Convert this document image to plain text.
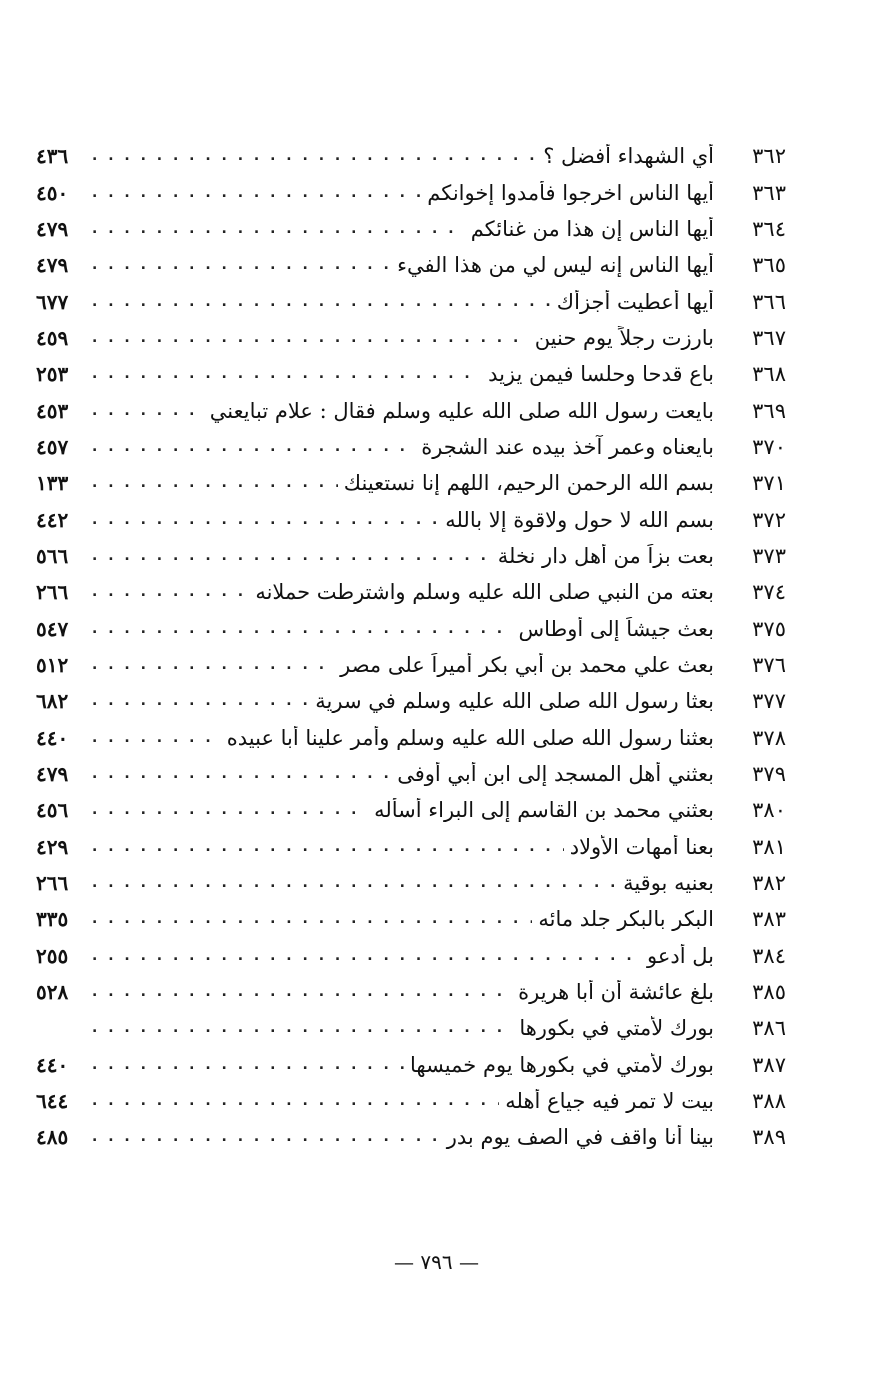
٣٦٢
أي الشهداء أفضل ؟
. . .
٤٣٦
٣٦٣
أيها الناس اخرجوا فأمدوا إخوانكم
. . .
٤٥٠
٣٦٤
أيها الناس إن هذا من غنائكم
. . .
٤٧٩
٣٦٥
أيها الناس إنه ليس لي من هذا الفيء
. . .
٤٧٩
٣٦٦
أيها أعطيت أجزأك
. . .
٦٧٧
٣٦٧
بارزت رجلاً يوم حنين
. . .
٤٥٩
٣٦٨
باع قدحا وحلسا فيمن يزيد
. . .
٢٥٣
٣٦٩
بايعت رسول الله صلى الله عليه وسلم فقال : علام تبايعني
. . .
٤٥٣
٣٧٠
بايعناه وعمر آخذ بيده عند الشجرة
. . .
٤٥٧
٣٧١
بسم الله الرحمن الرحيم، اللهم إنا نستعينك
. . .
١٣٣
٣٧٢
بسم الله لا حول ولاقوة إلا بالله
. . .
٤٤٢
٣٧٣
بعت بزاً من أهل دار نخلة
. . .
٥٦٦
٣٧٤
بعته من النبي صلى الله عليه وسلم واشترطت حملانه
. . .
٢٦٦
٣٧٥
بعث جيشاً إلى أوطاس
. . .
٥٤٧
٣٧٦
بعث علي محمد بن أبي بكر أميراً على مصر
. . .
٥١٢
٣٧٧
بعثا رسول الله صلى الله عليه وسلم في سرية
. . .
٦٨٢
٣٧٨
بعثنا رسول الله صلى الله عليه وسلم وأمر علينا أبا عبيده
. . .
٤٤٠
٣٧٩
بعثني أهل المسجد إلى ابن أبي أوفى
. . .
٤٧٩
٣٨٠
بعثني محمد بن القاسم إلى البراء أسأله
. . .
٤٥٦
٣٨١
بعنا أمهات الأولاد
. . .
٤٢٩
٣٨٢
بعنيه بوقية
. . .
٢٦٦
٣٨٣
البكر بالبكر جلد مائه
. . .
٣٣٥
٣٨٤
بل أدعو
. . .
٢٥٥
٣٨٥
بلغ عائشة أن أبا هريرة
. . .
٥٢٨
٣٨٦
بورك لأمتي في بكورها
. . .
٣٨٧
بورك لأمتي في بكورها يوم خميسها
. . .
٤٤٠
٣٨٨
بيت لا تمر فيه جياع أهله
. . .
٦٤٤
٣٨٩
بينا أنا واقف في الصف يوم بدر
. . .
٤٨٥
— ٧٩٦ —
